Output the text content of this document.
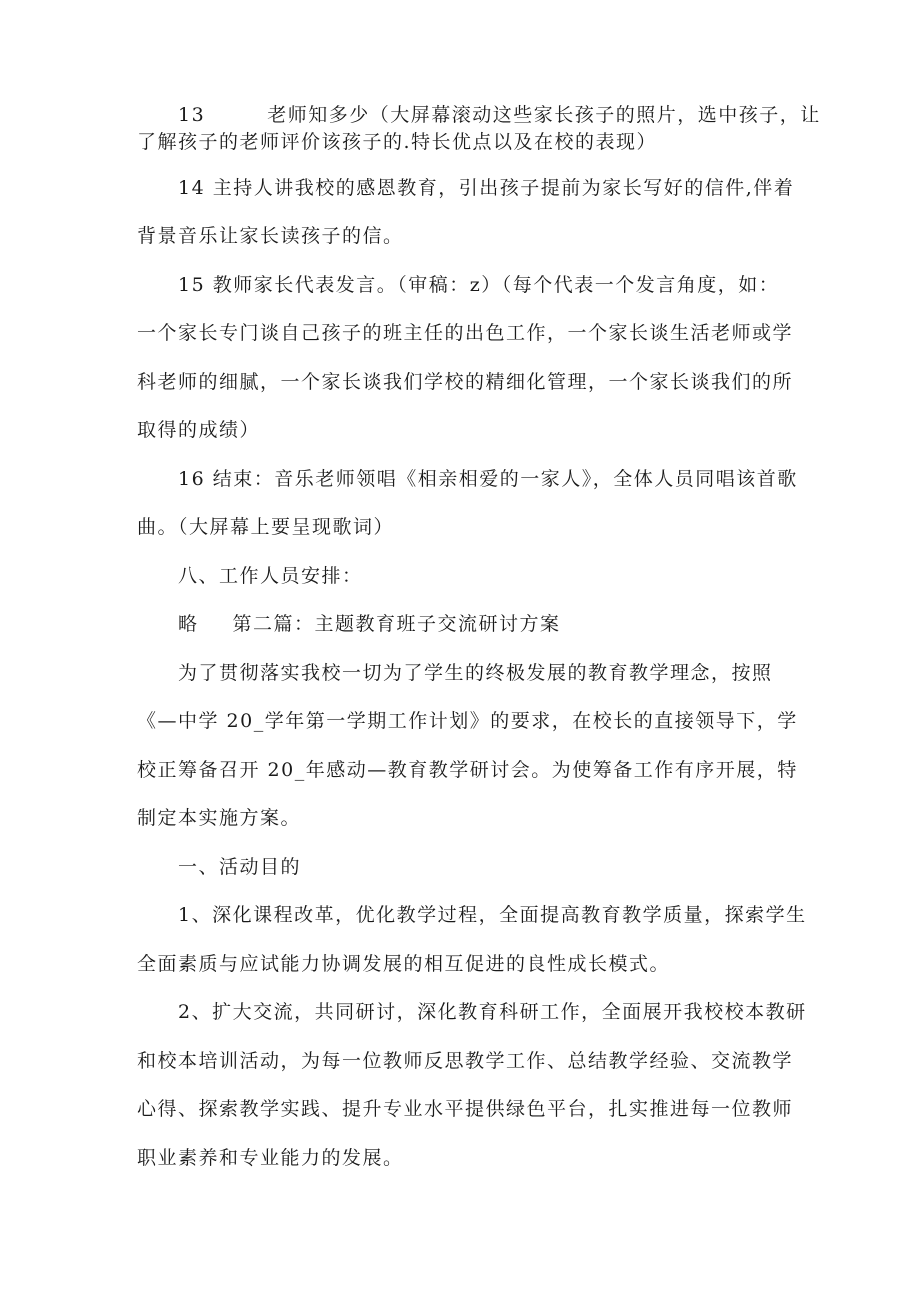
13	老师知多少（大屏幕滚动这些家长孩子的照片，选中孩子，让

了解孩子的老师评价该孩子的.特长优点以及在校的表现）

14 主持人讲我校的感恩教育，引出孩子提前为家长写好的信件,伴着

背景音乐让家长读孩子的信。

15 教师家长代表发言。（审稿：z）（每个代表一个发言角度，如：

一个家长专门谈自己孩子的班主任的出色工作，一个家长谈生活老师或学

科老师的细腻，一个家长谈我们学校的精细化管理，一个家长谈我们的所

取得的成绩）

16 结束：音乐老师领唱《相亲相爱的一家人》，全体人员同唱该首歌

曲。（大屏幕上要呈现歌词）

八、工作人员安排：

略 第二篇：主题教育班子交流研讨方案

为了贯彻落实我校一切为了学生的终极发展的教育教学理念，按照

《—中学 20_学年第一学期工作计划》的要求，在校长的直接领导下，学

校正筹备召开 20_年感动—教育教学研讨会。为使筹备工作有序开展，特

制定本实施方案。

一、活动目的

1、深化课程改革，优化教学过程，全面提高教育教学质量，探索学生

全面素质与应试能力协调发展的相互促进的良性成长模式。

2、扩大交流，共同研讨，深化教育科研工作，全面展开我校校本教研

和校本培训活动，为每一位教师反思教学工作、总结教学经验、交流教学

心得、探索教学实践、提升专业水平提供绿色平台，扎实推进每一位教师

职业素养和专业能力的发展。
